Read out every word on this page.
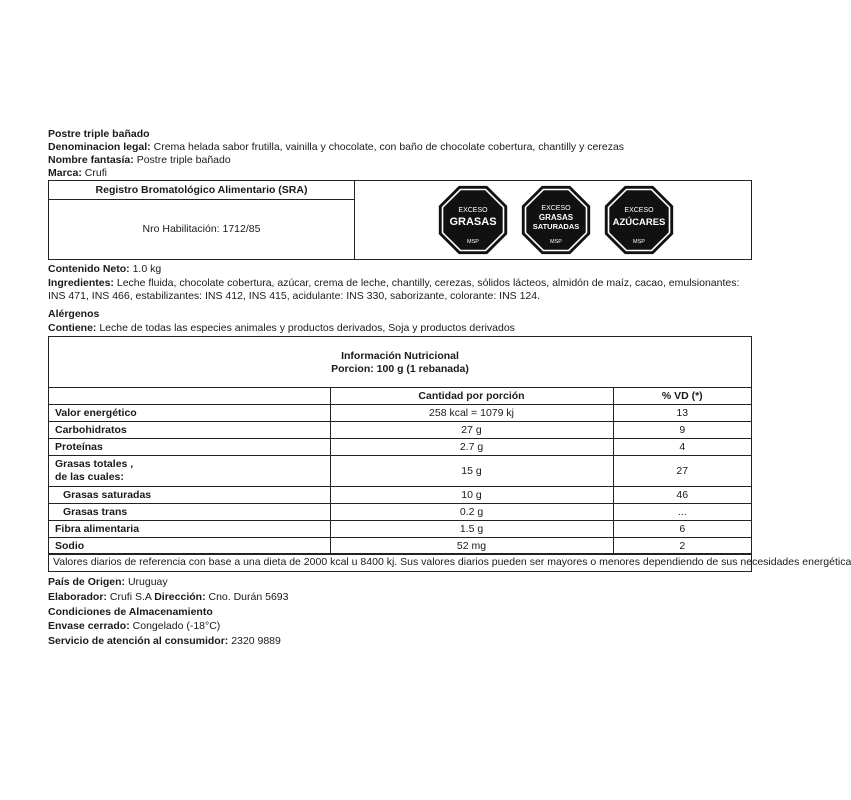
Postre triple bañado
Denominacion legal: Crema helada sabor frutilla, vainilla y chocolate, con baño de chocolate cobertura, chantilly y cerezas
Nombre fantasía: Postre triple bañado
Marca: Crufi
Registro Bromatológico Alimentario (SRA)
Nro Habilitación: 1712/85
EXCESO
GRASAS
MSP
EXCESO
GRASAS
SATURADAS
MSP
EXCESO
AZÚCARES
MSP
Contenido Neto: 1.0 kg
Ingredientes: Leche fluida, chocolate cobertura, azúcar, crema de leche, chantilly, cerezas, sólidos lácteos, almidón de maíz, cacao, emulsionantes: INS 471, INS 466, estabilizantes: INS 412, INS 415, acidulante: INS 330, saborizante, colorante: INS 124.
Alérgenos
Contiene: Leche de todas las especies animales y productos derivados, Soja y productos derivados
Información Nutricional
Porcion: 100 g (1 rebanada)
	Cantidad por porción	% VD (*)

Valor energético	258 kcal = 1079 kj	13

Carbohidratos	27 g	9

Proteínas	2.7 g	4

Grasas totales ,
de las cuales:	15 g	27

Grasas saturadas	10 g	46

Grasas trans	0.2 g	...

Fibra alimentaria	1.5 g	6

Sodio	52 mg	2
Valores diarios de referencia con base a una dieta de 2000 kcal u 8400 kj. Sus valores diarios pueden ser mayores o menores dependiendo de sus necesidades energética
País de Origen: Uruguay
Elaborador: Crufi S.A Dirección: Cno. Durán 5693
Condiciones de Almacenamiento
Envase cerrado: Congelado (-18°C)
Servicio de atención al consumidor: 2320 9889
